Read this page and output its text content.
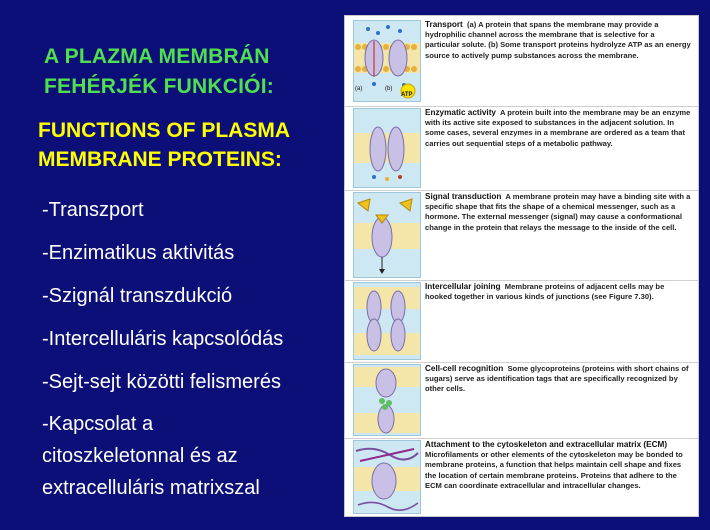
A PLAZMA MEMBRÁN
FEHÉRJÉK FUNKCIÓI:
FUNCTIONS OF PLASMA
MEMBRANE PROTEINS:
-Transzport
-Enzimatikus aktivitás
-Szignál transzdukció
-Intercelluláris kapcsolódás
-Sejt-sejt közötti felismerés
-Kapcsolat a
citoszkeletonnal és az
extracelluláris matrixszal
(a)	(b)
ATP
Transport (a) A protein that spans the membrane may provide a hydrophilic channel across the membrane that is selective for a particular solute. (b) Some transport proteins hydrolyze ATP as an energy source to actively pump substances across the membrane.
Enzymatic activity A protein built into the membrane may be an enzyme with its active site exposed to substances in the adjacent solution. In some cases, several enzymes in a membrane are ordered as a team that carries out sequential steps of a metabolic pathway.
Signal transduction A membrane protein may have a binding site with a specific shape that fits the shape of a chemical messenger, such as a hormone. The external messenger (signal) may cause a conformational change in the protein that relays the message to the inside of the cell.
Intercellular joining Membrane proteins of adjacent cells may be hooked together in various kinds of junctions (see Figure 7.30).
Cell-cell recognition Some glycoproteins (proteins with short chains of sugars) serve as identification tags that are specifically recognized by other cells.
Attachment to the cytoskeleton and extracellular matrix (ECM)  Microfilaments or other elements of the cytoskeleton may be bonded to membrane proteins, a function that helps maintain cell shape and fixes the location of certain membrane proteins. Proteins that adhere to the ECM can coordinate extracellular and intracellular changes.
